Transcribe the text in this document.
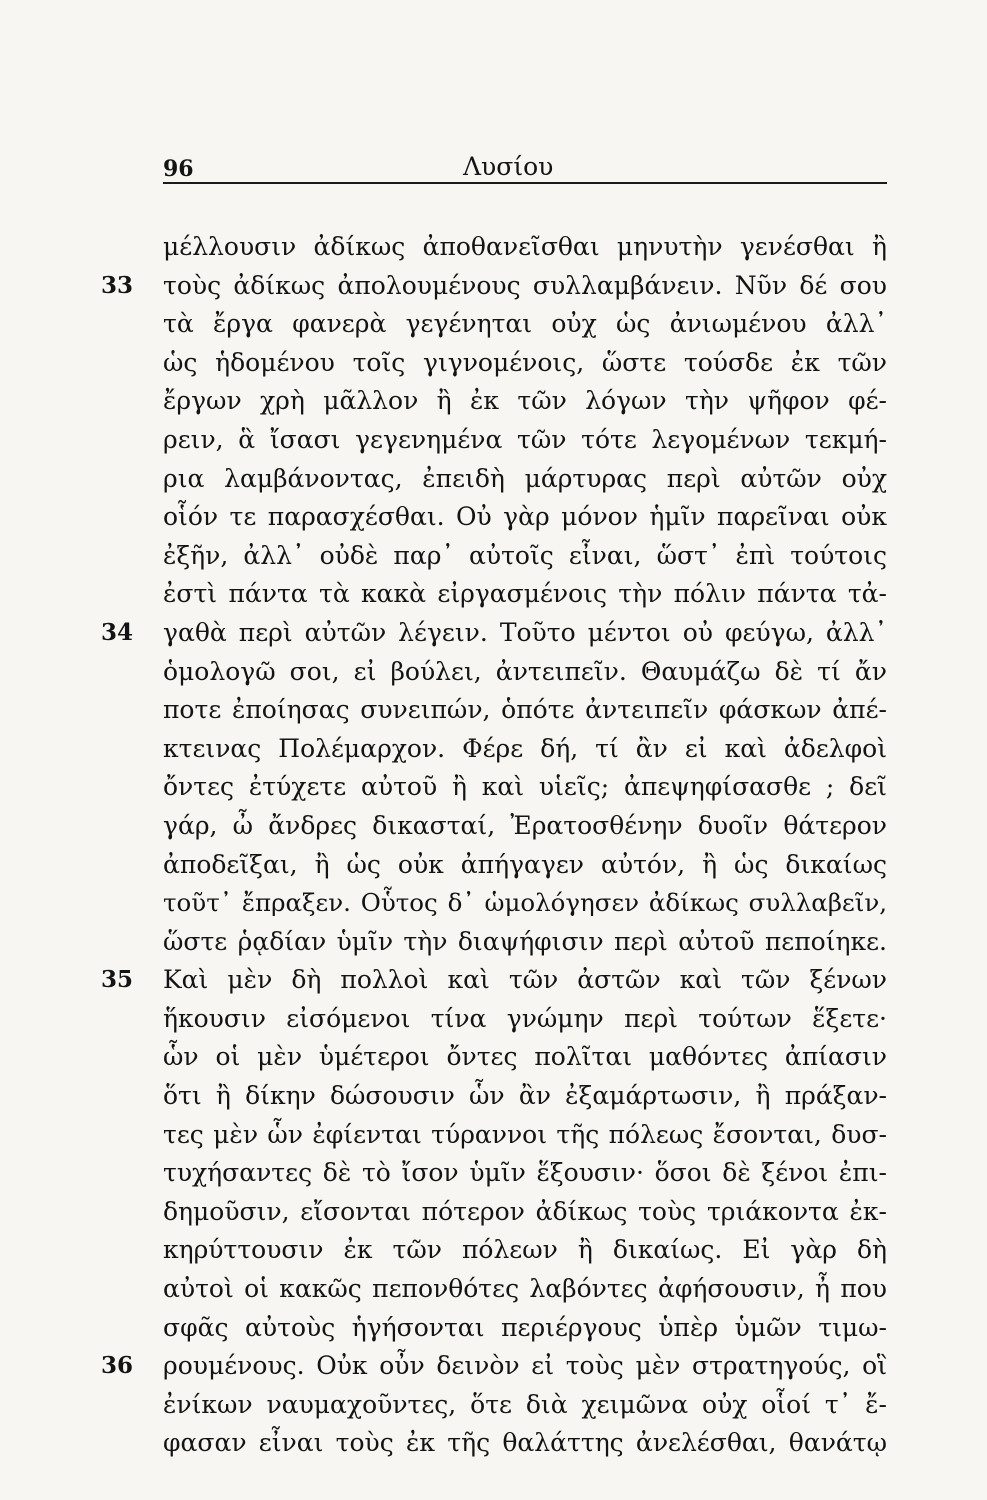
96	Λυσίου
μέλλουσιν ἀδίκως ἀποθανεῖσθαι μηνυτὴν γενέσθαι ἢ
33 τοὺς ἀδίκως ἀπολουμένους συλλαμβάνειν. Νῦν δέ σου
τὰ ἔργα φανερὰ γεγένηται οὐχ ὡς ἀνιωμένου ἀλλ᾽
ὡς ἡδομένου τοῖς γιγνομένοις, ὥστε τούσδε ἐκ τῶν
ἔργων χρὴ μᾶλλον ἢ ἐκ τῶν λόγων τὴν ψῆφον φέ-
ρειν, ἃ ἴσασι γεγενημένα τῶν τότε λεγομένων τεκμή-
ρια λαμβάνοντας, ἐπειδὴ μάρτυρας περὶ αὐτῶν οὐχ
οἷόν τε παρασχέσθαι. Οὐ γὰρ μόνον ἡμῖν παρεῖναι οὐκ
ἐξῆν, ἀλλ᾽ οὐδὲ παρ᾽ αὐτοῖς εἶναι, ὥστ᾽ ἐπὶ τούτοις
ἐστὶ πάντα τὰ κακὰ εἰργασμένοις τὴν πόλιν πάντα τἀ-
34 γαθὰ περὶ αὐτῶν λέγειν. Τοῦτο μέντοι οὐ φεύγω, ἀλλ᾽
ὁμολογῶ σοι, εἰ βούλει, ἀντειπεῖν. Θαυμάζω δὲ τί ἄν
ποτε ἐποίησας συνειπών, ὁπότε ἀντειπεῖν φάσκων ἀπέ-
κτεινας Πολέμαρχον. Φέρε δή, τί ἂν εἰ καὶ ἀδελφοὶ
ὄντες ἐτύχετε αὐτοῦ ἢ καὶ υἱεῖς; ἀπεψηφίσασθε ; δεῖ
γάρ, ὦ ἄνδρες δικασταί, Ἐρατοσθένην δυοῖν θάτερον
ἀποδεῖξαι, ἢ ὡς οὐκ ἀπήγαγεν αὐτόν, ἢ ὡς δικαίως
τοῦτ᾽ ἔπραξεν. Οὗτος δ᾽ ὡμολόγησεν ἀδίκως συλλαβεῖν,
ὥστε ῥᾳδίαν ὑμῖν τὴν διαψήφισιν περὶ αὐτοῦ πεποίηκε.
35 Καὶ μὲν δὴ πολλοὶ καὶ τῶν ἀστῶν καὶ τῶν ξένων
ἥκουσιν εἰσόμενοι τίνα γνώμην περὶ τούτων ἕξετε·
ὧν οἱ μὲν ὑμέτεροι ὄντες πολῖται μαθόντες ἀπίασιν
ὅτι ἢ δίκην δώσουσιν ὧν ἂν ἐξαμάρτωσιν, ἢ πράξαν-
τες μὲν ὧν ἐφίενται τύραννοι τῆς πόλεως ἔσονται, δυσ-
τυχήσαντες δὲ τὸ ἴσον ὑμῖν ἕξουσιν· ὅσοι δὲ ξένοι ἐπι-
δημοῦσιν, εἴσονται πότερον ἀδίκως τοὺς τριάκοντα ἐκ-
κηρύττουσιν ἐκ τῶν πόλεων ἢ δικαίως. Εἰ γὰρ δὴ
αὐτοὶ οἱ κακῶς πεπονθότες λαβόντες ἀφήσουσιν, ἦ που
σφᾶς αὐτοὺς ἡγήσονται περιέργους ὑπὲρ ὑμῶν τιμω-
36 ρουμένους. Οὐκ οὖν δεινὸν εἰ τοὺς μὲν στρατηγούς, οἳ
ἐνίκων ναυμαχοῦντες, ὅτε διὰ χειμῶνα οὐχ οἷοί τ᾽ ἔ-
φασαν εἶναι τοὺς ἐκ τῆς θαλάττης ἀνελέσθαι, θανάτῳ
